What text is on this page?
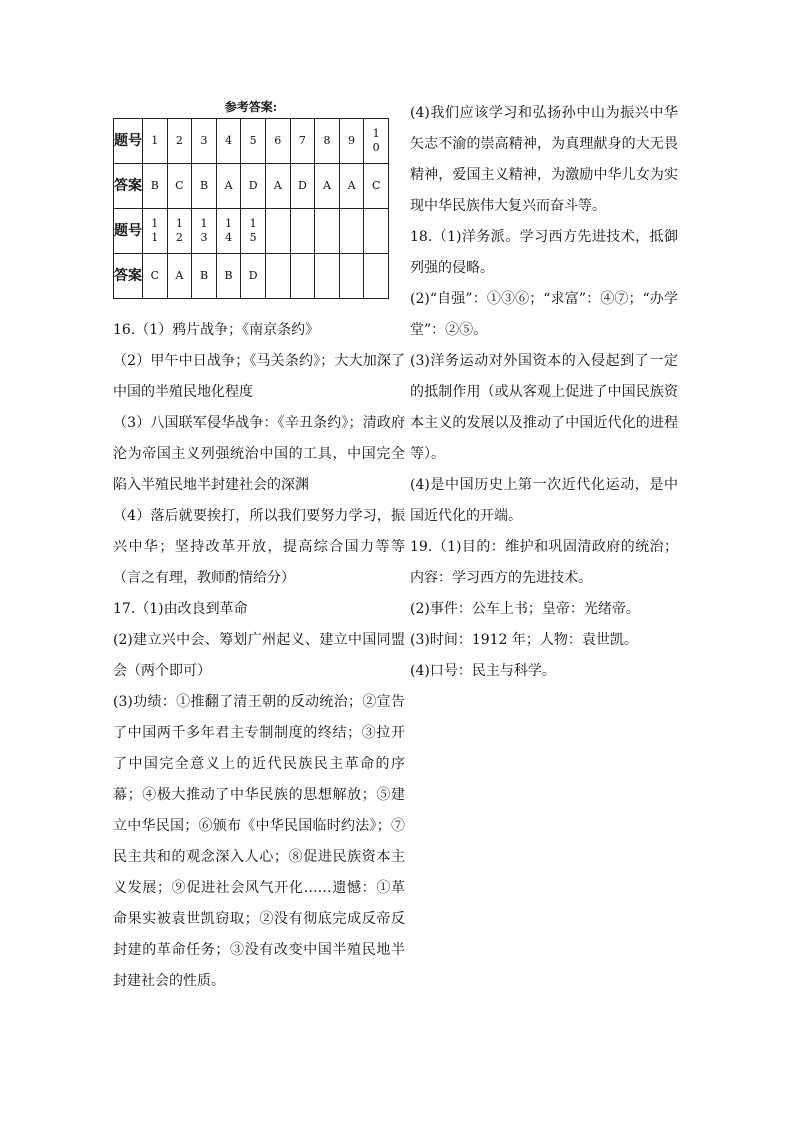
参考答案:
题号	1	2	3	4	5	6	7	8	9	10
答案	B	C	B	A	D	A	D	A	A	C
题号	11	12	13	14	15					
答案	C	A	B	B	D					

16.（1）鸦片战争；《南京条约》

（2）甲午中日战争；《马关条约》；大大加深了中国的半殖民地化程度

（3）八国联军侵华战争：《辛丑条约》；清政府沦为帝国主义列强统治中国的工具，中国完全陷入半殖民地半封建社会的深渊

（4）落后就要挨打，所以我们要努力学习，振兴中华；坚持改革开放，提高综合国力等等（言之有理，教师酌情给分）

17.（1)由改良到革命

(2)建立兴中会、筹划广州起义、建立中国同盟会（两个即可）

(3)功绩：①推翻了清王朝的反动统治；②宣告了中国两千多年君主专制制度的终结；③拉开了中国完全意义上的近代民族民主革命的序幕；④极大推动了中华民族的思想解放；⑤建立中华民国；⑥颁布《中华民国临时约法》；⑦民主共和的观念深入人心；⑧促进民族资本主义发展；⑨促进社会风气开化……遗憾：①革命果实被袁世凯窃取；②没有彻底完成反帝反封建的革命任务；③没有改变中国半殖民地半封建社会的性质。

(4)我们应该学习和弘扬孙中山为振兴中华矢志不渝的崇高精神，为真理献身的大无畏精神，爱国主义精神，为激励中华儿女为实现中华民族伟大复兴而奋斗等。

18.（1)洋务派。学习西方先进技术，抵御列强的侵略。

(2)“自强”：①③⑥；“求富”：④⑦；“办学堂”：②⑤。

(3)洋务运动对外国资本的入侵起到了一定的抵制作用（或从客观上促进了中国民族资本主义的发展以及推动了中国近代化的进程等）。

(4)是中国历史上第一次近代化运动，是中国近代化的开端。

19.（1)目的：维护和巩固清政府的统治；内容：学习西方的先进技术。

(2)事件：公车上书；皇帝：光绪帝。

(3)时间：1912 年；人物：袁世凯。

(4)口号：民主与科学。
